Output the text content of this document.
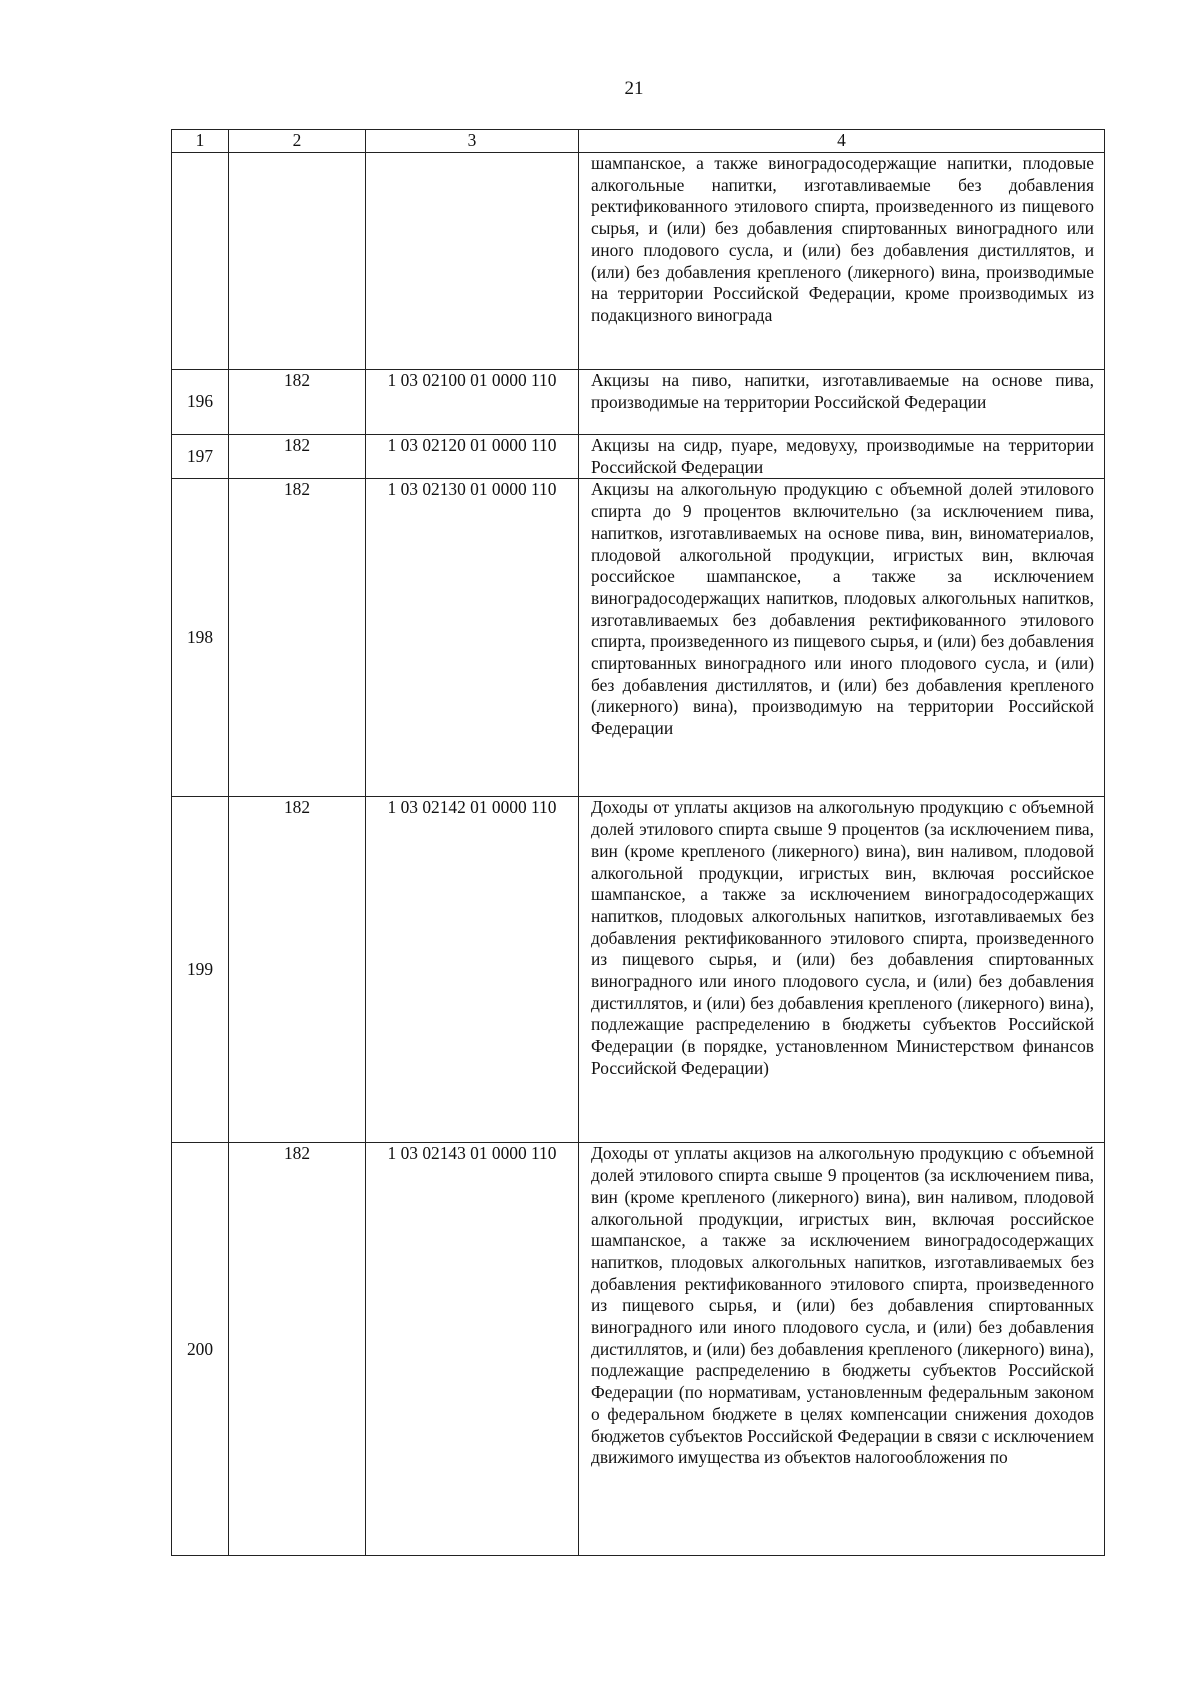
21
1	2	3	4

			шампанское, а также виноградосодержащие напитки, плодовые алкогольные напитки, изготавливаемые без добавления ректификованного этилового спирта, произведенного из пищевого сырья, и (или) без добавления спиртованных виноградного или иного плодового сусла, и (или) без добавления дистиллятов, и (или) без добавления крепленого (ликерного) вина, производимые на территории Российской Федерации, кроме производимых из подакцизного винограда

196	182	1 03 02100 01 0000 110	Акцизы на пиво, напитки, изготавливаемые на основе пива, производимые на территории Российской Федерации

197	182	1 03 02120 01 0000 110	Акцизы на сидр, пуаре, медовуху, производимые на территории Российской Федерации

198	182	1 03 02130 01 0000 110	Акцизы на алкогольную продукцию с объемной долей этилового спирта до 9 процентов включительно (за исключением пива, напитков, изготавливаемых на основе пива, вин, виноматериалов, плодовой алкогольной продукции, игристых вин, включая российское шампанское, а также за исключением виноградосодержащих напитков, плодовых алкогольных напитков, изготавливаемых без добавления ректификованного этилового спирта, произведенного из пищевого сырья, и (или) без добавления спиртованных виноградного или иного плодового сусла, и (или) без добавления дистиллятов, и (или) без добавления крепленого (ликерного) вина), производимую на территории Российской Федерации

199	182	1 03 02142 01 0000 110	Доходы от уплаты акцизов на алкогольную продукцию с объемной долей этилового спирта свыше 9 процентов (за исключением пива, вин (кроме крепленого (ликерного) вина), вин наливом, плодовой алкогольной продукции, игристых вин, включая российское шампанское, а также за исключением виноградосодержащих напитков, плодовых алкогольных напитков, изготавливаемых без добавления ректификованного этилового спирта, произведенного из пищевого сырья, и (или) без добавления спиртованных виноградного или иного плодового сусла, и (или) без добавления дистиллятов, и (или) без добавления крепленого (ликерного) вина), подлежащие распределению в бюджеты субъектов Российской Федерации (в порядке, установленном Министерством финансов Российской Федерации)

200	182	1 03 02143 01 0000 110	Доходы от уплаты акцизов на алкогольную продукцию с объемной долей этилового спирта свыше 9 процентов (за исключением пива, вин (кроме крепленого (ликерного) вина), вин наливом, плодовой алкогольной продукции, игристых вин, включая российское шампанское, а также за исключением виноградосодержащих напитков, плодовых алкогольных напитков, изготавливаемых без добавления ректификованного этилового спирта, произведенного из пищевого сырья, и (или) без добавления спиртованных виноградного или иного плодового сусла, и (или) без добавления дистиллятов, и (или) без добавления крепленого (ликерного) вина), подлежащие распределению в бюджеты субъектов Российской Федерации (по нормативам, установленным федеральным законом о федеральном бюджете в целях компенсации снижения доходов бюджетов субъектов Российской Федерации в связи с исключением движимого имущества из объектов налогообложения по
